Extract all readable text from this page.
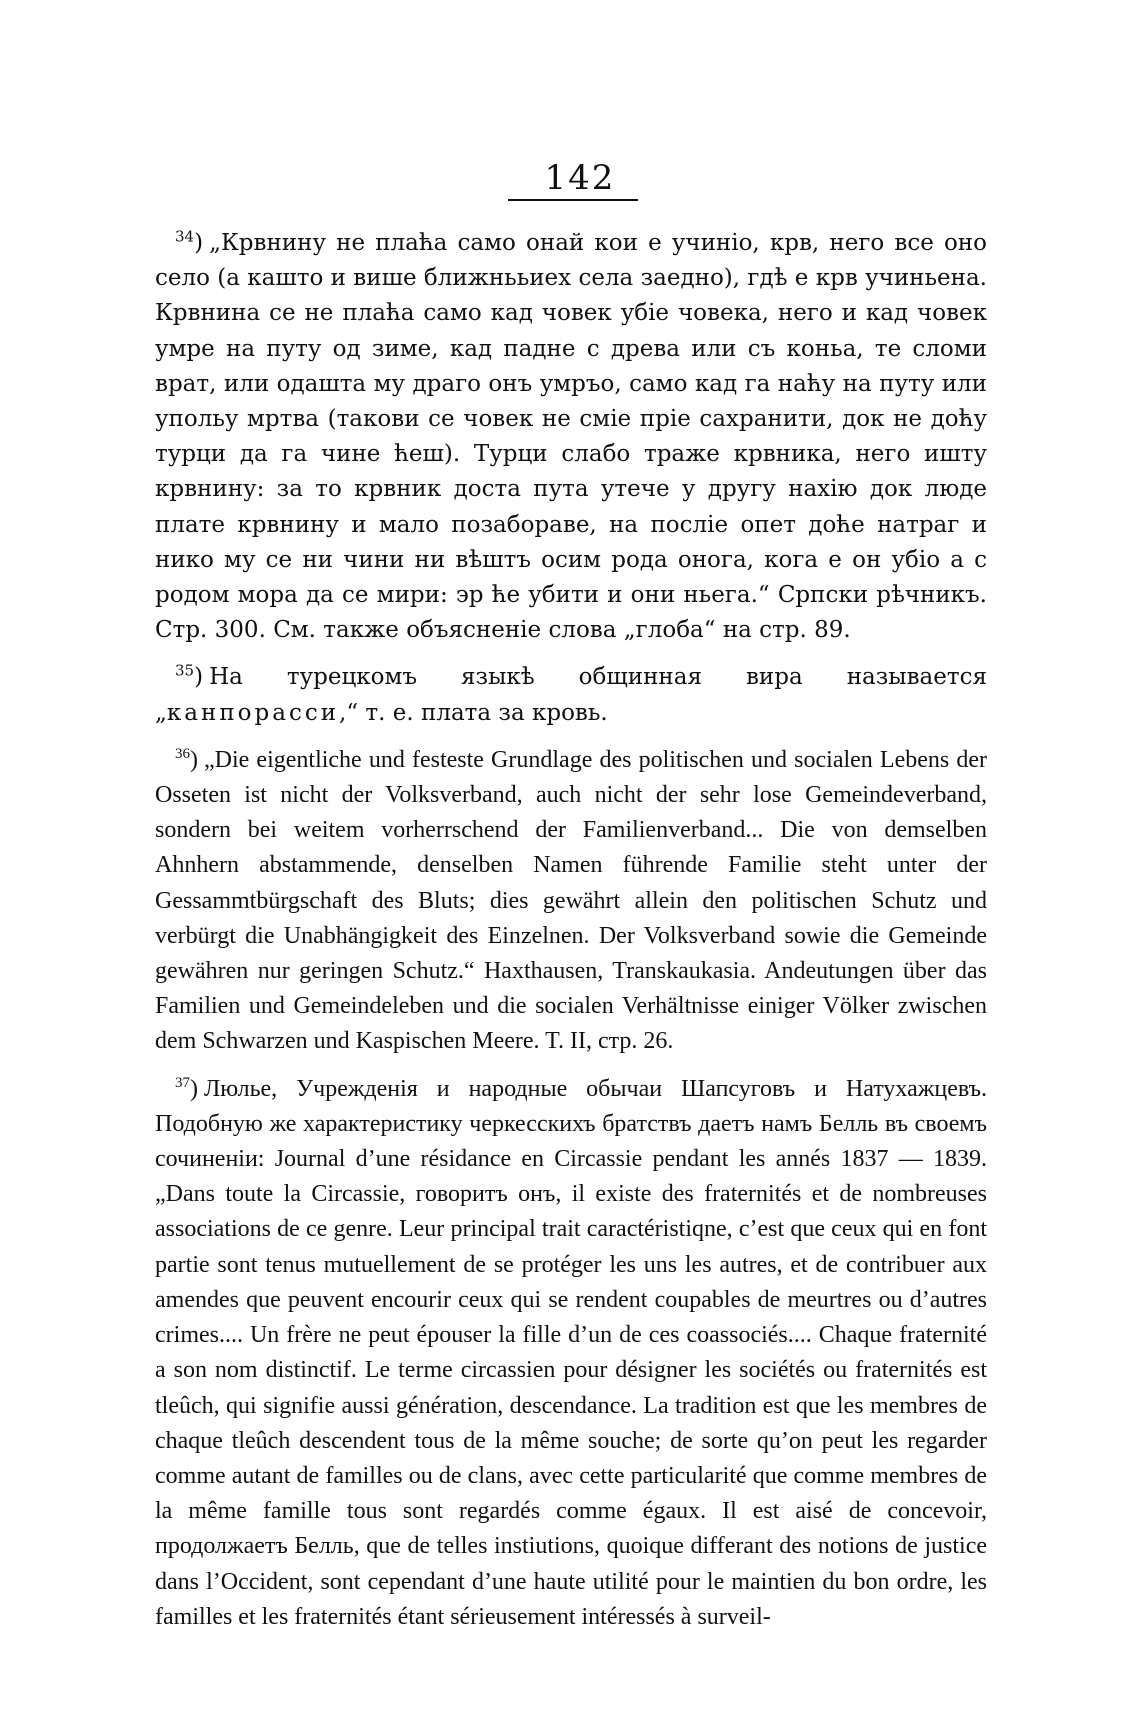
142

$^{34}$) „Крвнину не плаћа само онай кои е учиніо, крв, него все оно село (а кашто и више ближнььиех села заедно), гдѣ е крв учиньена. Крвнина се не плаћа само кад човек убіе човека, него и кад човек умре на путу од зиме, кад падне с древа или съ коньа, те сломи врат, или одашта му драго онъ умръо, само кад га наћу на путу или упольу мртва (такови се човек не смiе прiе сахранити, док не доћу турци да га чине ћеш). Турци слабо траже крвника, него ишту крвнину: за то крвник доста пута утече у другу нахiю док люде плате крвнину и мало позабораве, на послiе опет доће натраг и нико му се ни чини ни вѣштъ осим рода онога, кога е он убiо а с родом мора да се мири: эр ће убити и они ньега.“ Српски рѣчникъ. Стр. 300. См. также объясненiе слова „глоба“ на стр. 89.

$^{35}$) На турецкомъ языкѣ общинная вира называется „канпорасси,“ т. е. плата за кровь.

$^{36}$) „Die eigentliche und festeste Grundlage des politischen und socialen Lebens der Osseten ist nicht der Volksverband, auch nicht der sehr lose Gemeindeverband, sondern bei weitem vorherrschend der Familienverband... Die von demselben Ahnhern abstammende, denselben Namen führende Familie steht unter der Gessammtbürgschaft des Bluts; dies gewährt allein den politischen Schutz und verbürgt die Unabhängigkeit des Einzelnen. Der Volksverband sowie die Gemeinde gewähren nur geringen Schutz.“ Haxthausen, Transkaukasia. Andeutungen über das Familien und Gemeindeleben und die socialen Verhältnisse einiger Völker zwischen dem Schwarzen und Kaspischen Meere. T. II, стр. 26.

$^{37}$) Люлье, Учрежденія и народные обычаи Шапсуговъ и Натухажцевъ. Подобную же характеристику черкесскихъ братствъ даетъ намъ Белль въ своемъ сочиненiи: Journal d’une résidance en Circassie pendant les annés 1837 — 1839. „Dans toute la Circassie, говоритъ онъ, il existe des fraternités et de nombreuses associations de ce genre. Leur principal trait caractéristiqne, c’est que ceux qui en font partie sont tenus mutuellement de se protéger les uns les autres, et de contribuer aux amendes que peuvent encourir ceux qui se rendent coupables de meurtres ou d’autres crimes.... Un frère ne peut épouser la fille d’un de ces coassociés.... Chaque fraternité a son nom distinctif. Le terme circassien pour désigner les sociétés ou fraternités est tleûch, qui signifie aussi génération, descendance. La tradition est que les membres de chaque tleûch descendent tous de la même souche; de sorte qu’on peut les regarder comme autant de familles ou de clans, avec cette particularité que comme membres de la même famille tous sont regardés comme égaux. Il est aisé de concevoir, продолжаетъ Белль, que de telles instiutions, quoique differant des notions de justice dans l’Occident, sont cependant d’une haute utilité pour le maintien du bon ordre, les familles et les fraternités étant sérieusement intéressés à surveil-
